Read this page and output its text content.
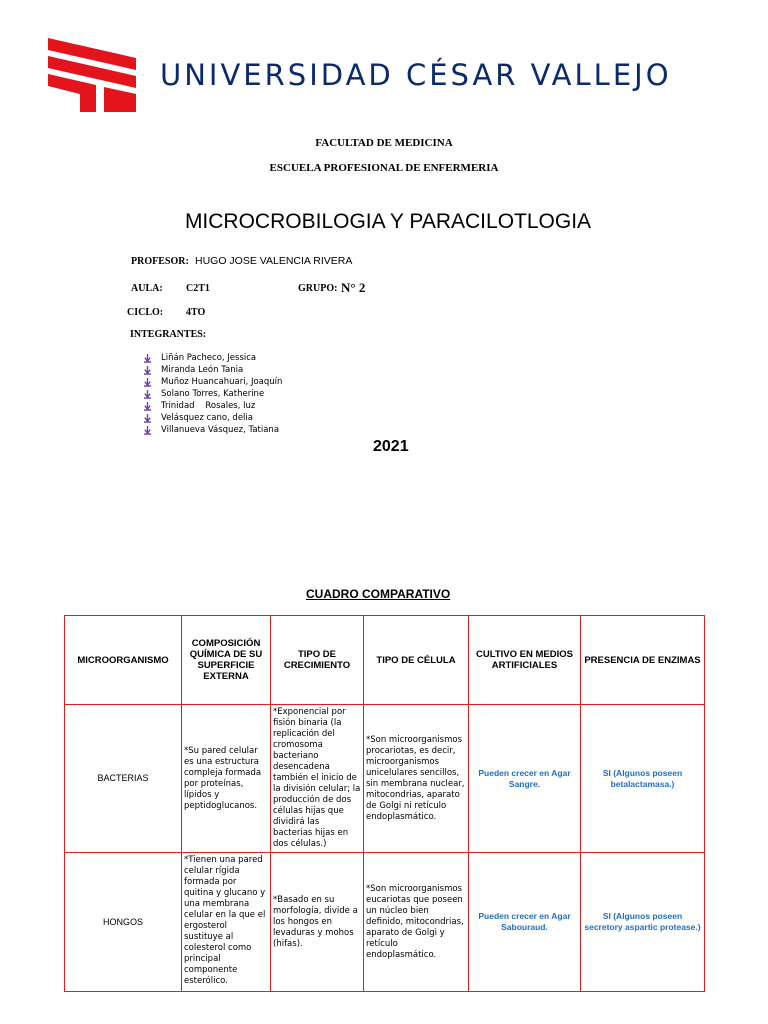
UNIVERSIDAD CÉSAR VALLEJO
FACULTAD DE MEDICINA
ESCUELA PROFESIONAL DE ENFERMERIA
MICROCROBILOGIA Y PARACILOTLOGIA
PROFESOR: HUGO JOSE VALENCIA RIVERA
AULA: C2T1	GRUPO: N° 2
CICLO: 4TO
INTEGRANTES:
Liñán Pacheco, Jessica
Miranda León Tania
Muñoz Huancahuari, Joaquín
Solano Torres, Katherine
Trinidad    Rosales, luz
Velásquez cano, delia
Villanueva Vásquez, Tatiana
2021
CUADRO COMPARATIVO
MICROORGANISMO	COMPOSICIÓN QUÍMICA DE SU SUPERFICIE EXTERNA	TIPO DE CRECIMIENTO	TIPO DE CÉLULA	CULTIVO EN MEDIOS ARTIFICIALES	PRESENCIA DE ENZIMAS
BACTERIAS	*Su pared celular es una estructura compleja formada por proteínas, lípidos y peptidoglucanos.	*Exponencial por fisión binaria (la replicación del cromosoma bacteriano desencadena también el inicio de la división celular; la producción de dos células hijas que dividirá las bacterias hijas en dos células.)	*Son microorganismos procariotas, es decir, microorganismos unicelulares sencillos, sin membrana nuclear, mitocondrias, aparato de Golgi ni retículo endoplasmático.	Pueden crecer en Agar Sangre.	SI (Algunos poseen betalactamasa.)
HONGOS	*Tienen una pared celular rígida formada por quitina y glucano y una membrana celular en la que el ergosterol sustituye al colesterol como principal componente esterólico.	*Basado en su morfología, divide a los hongos en levaduras y mohos (hifas).	*Son microorganismos eucariotas que poseen un núcleo bien definido, mitocondrias, aparato de Golgi y retículo endoplasmático.	Pueden crecer en Agar Sabouraud.	SI (Algunos poseen secretory aspartic protease.)
